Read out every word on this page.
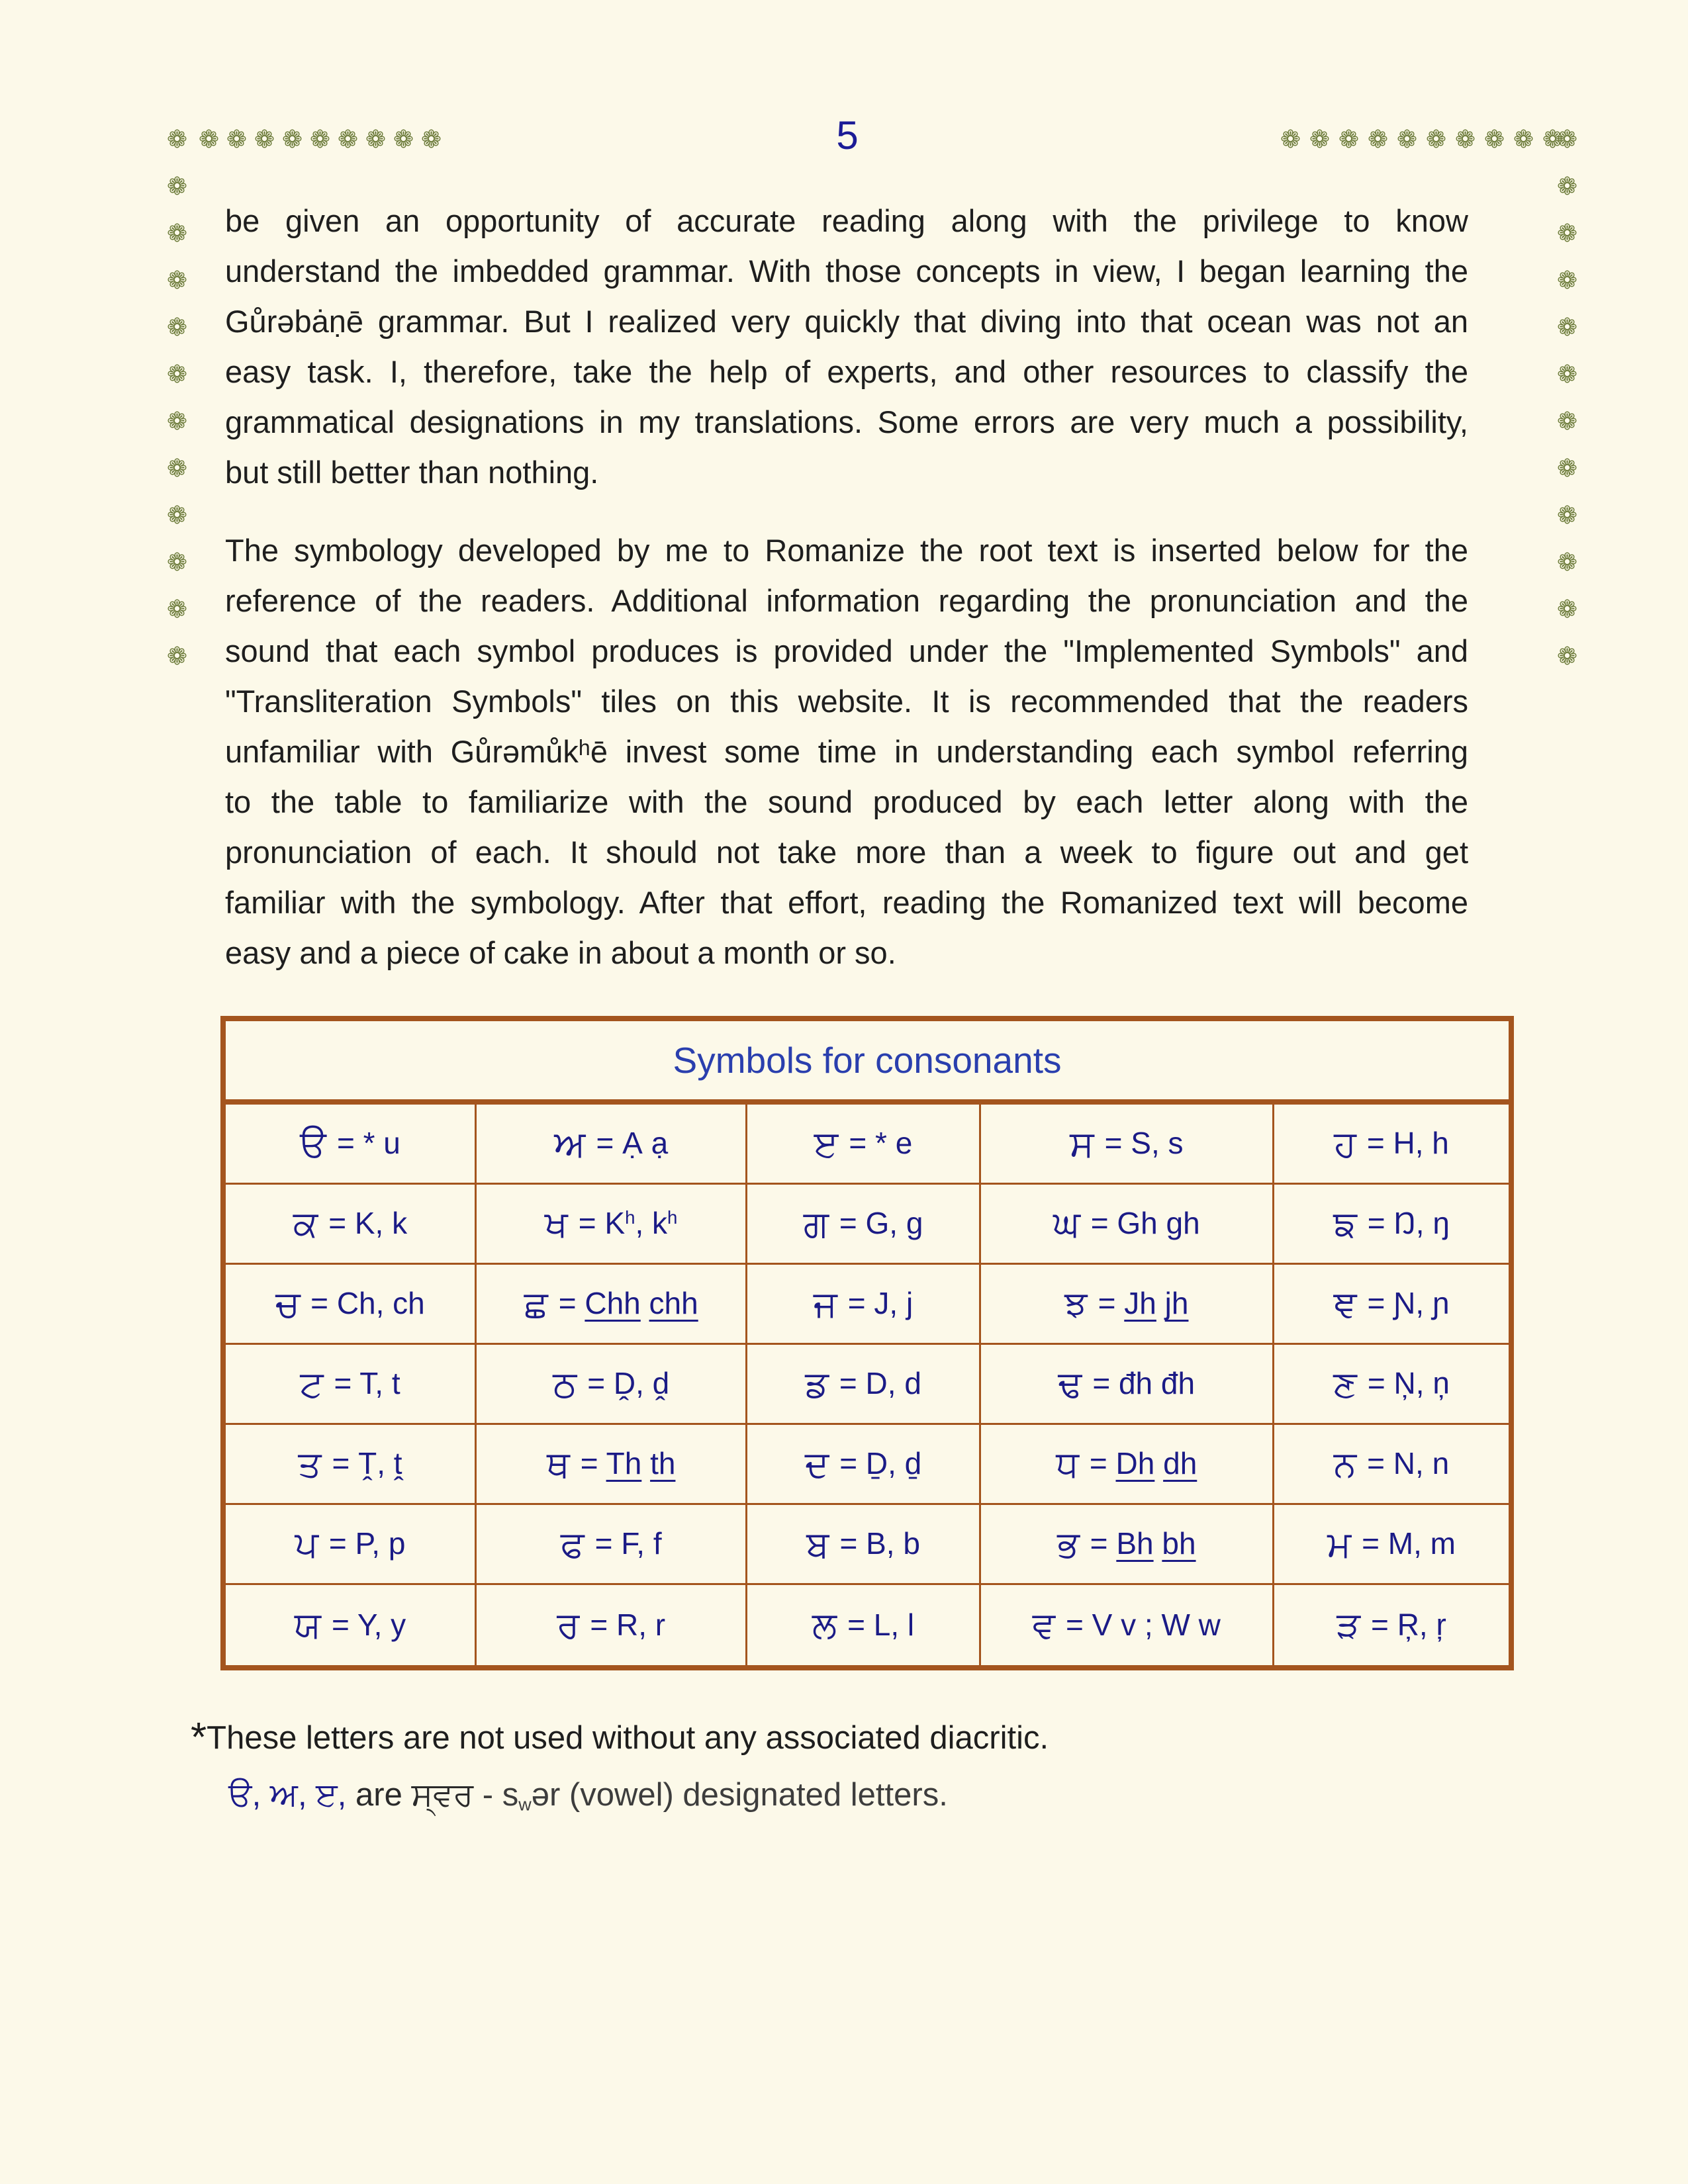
❁ ❁ ❁ ❁ ❁ ❁ ❁ ❁ ❁	❁ ❁ ❁ ❁ ❁ ❁ ❁ ❁ ❁ ❁
❁
❁
❁
❁
❁
❁
❁
❁
❁
❁
❁
❁
❁
❁
❁
❁
❁
❁
❁
❁
❁
❁
❁
❁
5
be given an opportunity of accurate reading along with the privilege to know
understand the imbedded grammar. With those concepts in view, I began learning the
Gůrəbȧṇē grammar. But I realized very quickly that diving into that ocean was not an
easy task. I, therefore, take the help of experts, and other resources to classify the
grammatical designations in my translations. Some errors are very much a possibility,
but still better than nothing.
The symbology developed by me to Romanize the root text is inserted below for the
reference of the readers. Additional information regarding the pronunciation and the
sound that each symbol produces is provided under the "Implemented Symbols" and
"Transliteration Symbols" tiles on this website. It is recommended that the readers
unfamiliar with Gůrəmůkʰē invest some time in understanding each symbol referring
to the table to familiarize with the sound produced by each letter along with the
pronunciation of each. It should not take more than a week to figure out and get
familiar with the symbology. After that effort, reading the Romanized text will become
easy and a piece of cake in about a month or so.
Symbols for consonants
ੳ = * u	ਅ = Ạ ạ	ੲ = * e	ਸ = S, s	ਹ = H, h
ਕ = K, k	ਖ = $K^h$, $k^h$	ਗ = G, g	ਘ = Gh gh	ਙ = Ŋ, ŋ
ਚ = Ch, ch	ਛ = Chh chh	ਜ = J, j	ਝ = Jh jh	ਞ = Ɲ, ɲ
ਟ = T, t	ਠ = Ḓ, ḓ	ਡ = D, d	ਢ = đh đh	ਣ = Ņ, ņ
ਤ = Ṱ, ṱ	ਥ = Th th	ਦ = Ḏ, ḏ	ਧ = Dh dh	ਨ = N, n
ਪ = P, p	ਫ = F, f	ਬ = B, b	ਭ = Bh bh	ਮ = M, m
ਯ = Y, y	ਰ = R, r	ਲ = L, l	ਵ = V v ; W w	ੜ = Ŗ, ŗ
*These letters are not used without any associated diacritic.
ੳ, ਅ, ੲ, are ਸ੍ਵਰ - $s_wər$ (vowel) designated letters.
